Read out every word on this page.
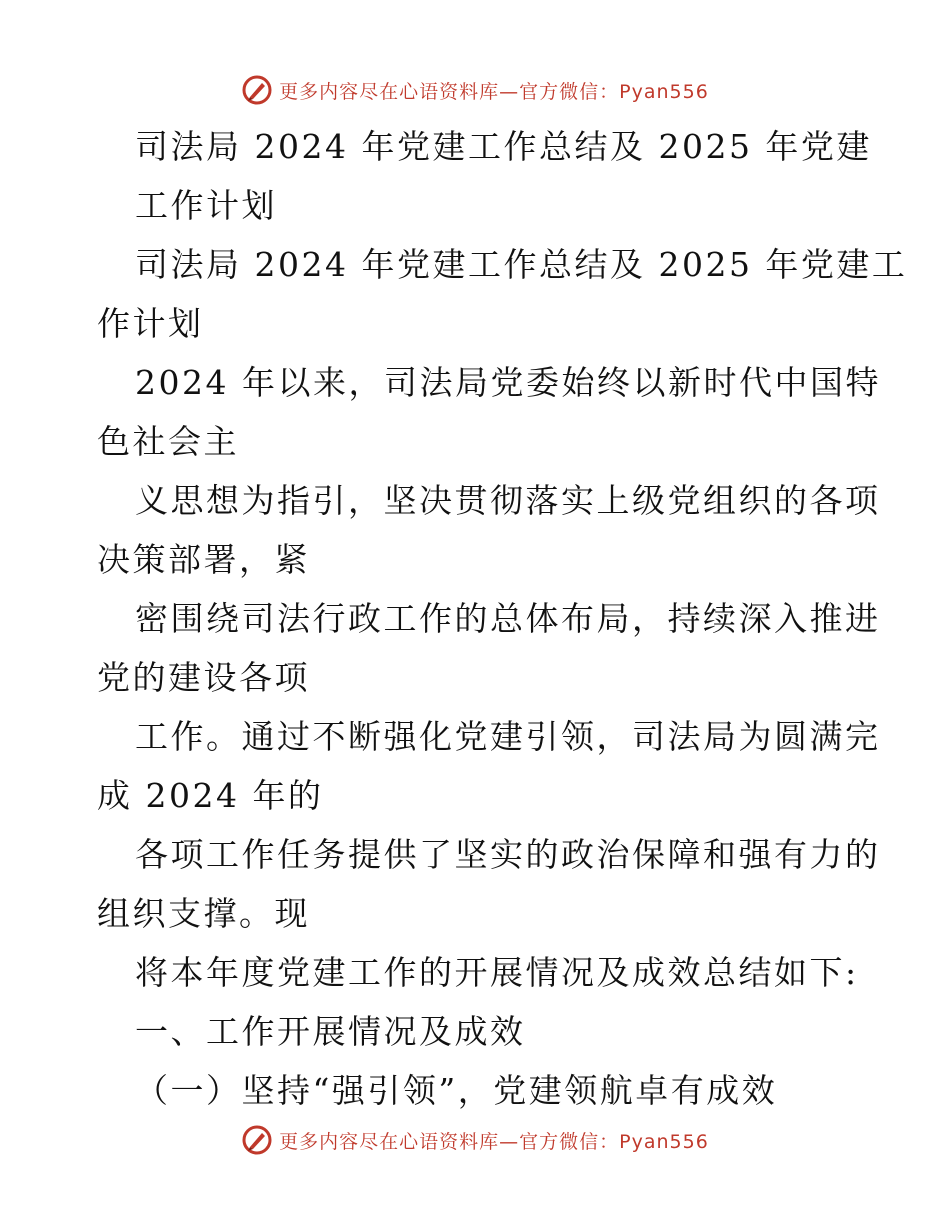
更多内容尽在心语资料库—官方微信：Pyan556
司法局 2024 年党建工作总结及 2025 年党建
工作计划
司法局 2024 年党建工作总结及 2025 年党建工
作计划
2024 年以来，司法局党委始终以新时代中国特
色社会主
义思想为指引，坚决贯彻落实上级党组织的各项
决策部署，紧
密围绕司法行政工作的总体布局，持续深入推进
党的建设各项
工作。通过不断强化党建引领，司法局为圆满完
成 2024 年的
各项工作任务提供了坚实的政治保障和强有力的
组织支撑。现
将本年度党建工作的开展情况及成效总结如下:
一、工作开展情况及成效
（一）坚持“强引领”，党建领航卓有成效
更多内容尽在心语资料库—官方微信：Pyan556
